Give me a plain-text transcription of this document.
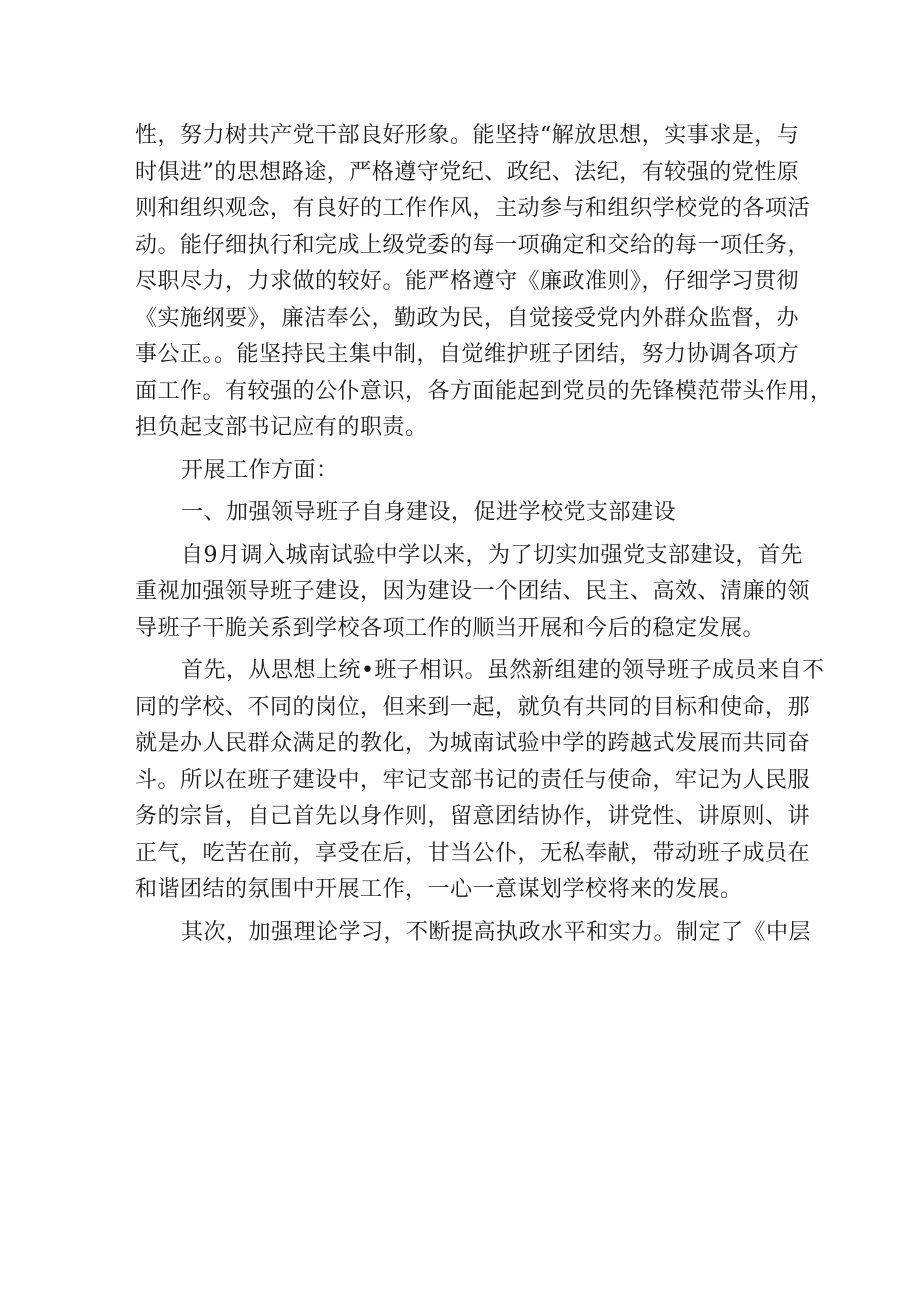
性，努力树共产党干部良好形象。能坚持“解放思想，实事求是，与
时俱进”的思想路途，严格遵守党纪、政纪、法纪，有较强的党性原
则和组织观念，有良好的工作作风，主动参与和组织学校党的各项活
动。能仔细执行和完成上级党委的每一项确定和交给的每一项任务，
尽职尽力，力求做的较好。能严格遵守《廉政准则》，仔细学习贯彻
《实施纲要》，廉洁奉公，勤政为民，自觉接受党内外群众监督，办
事公正。。能坚持民主集中制，自觉维护班子团结，努力协调各项方
面工作。有较强的公仆意识，各方面能起到党员的先锋模范带头作用，
担负起支部书记应有的职责。
开展工作方面：
一、加强领导班子自身建设，促进学校党支部建设
自9月调入城南试验中学以来，为了切实加强党支部建设，首先
重视加强领导班子建设，因为建设一个团结、民主、高效、清廉的领
导班子干脆关系到学校各项工作的顺当开展和今后的稳定发展。
首先，从思想上统•班子相识。虽然新组建的领导班子成员来自不
同的学校、不同的岗位，但来到一起，就负有共同的目标和使命，那
就是办人民群众满足的教化，为城南试验中学的跨越式发展而共同奋
斗。所以在班子建设中，牢记支部书记的责任与使命，牢记为人民服
务的宗旨，自己首先以身作则，留意团结协作，讲党性、讲原则、讲
正气，吃苦在前，享受在后，甘当公仆，无私奉献，带动班子成员在
和谐团结的氛围中开展工作，一心一意谋划学校将来的发展。
其次，加强理论学习，不断提高执政水平和实力。制定了《中层
